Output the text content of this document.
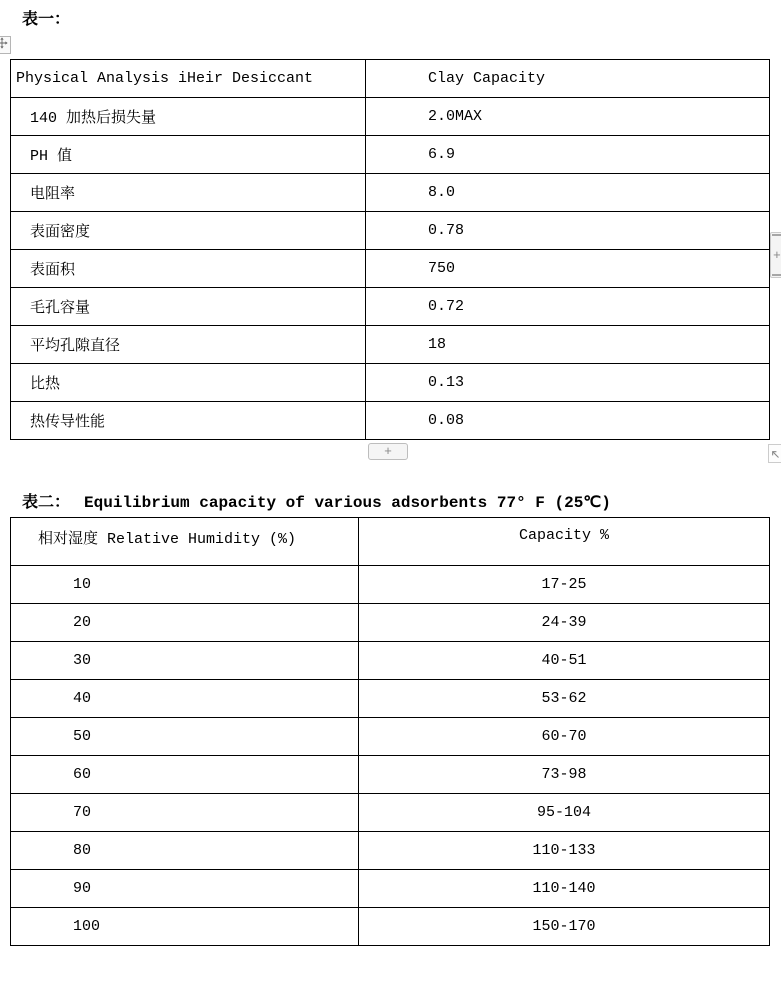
表一：
Physical Analysis iHeir Desiccant	Clay Capacity
140 加热后损失量	2.0MAX
PH 值	6.9
电阻率	8.0
表面密度	0.78
表面积	750
毛孔容量	0.72
平均孔隙直径	18
比热	0.13
热传导性能	0.08
+
+
表二： Equilibrium capacity of various adsorbents 77° F (25℃)
相对湿度 Relative Humidity (%)	Capacity %
10	17-25
20	24-39
30	40-51
40	53-62
50	60-70
60	73-98
70	95-104
80	110-133
90	110-140
100	150-170
